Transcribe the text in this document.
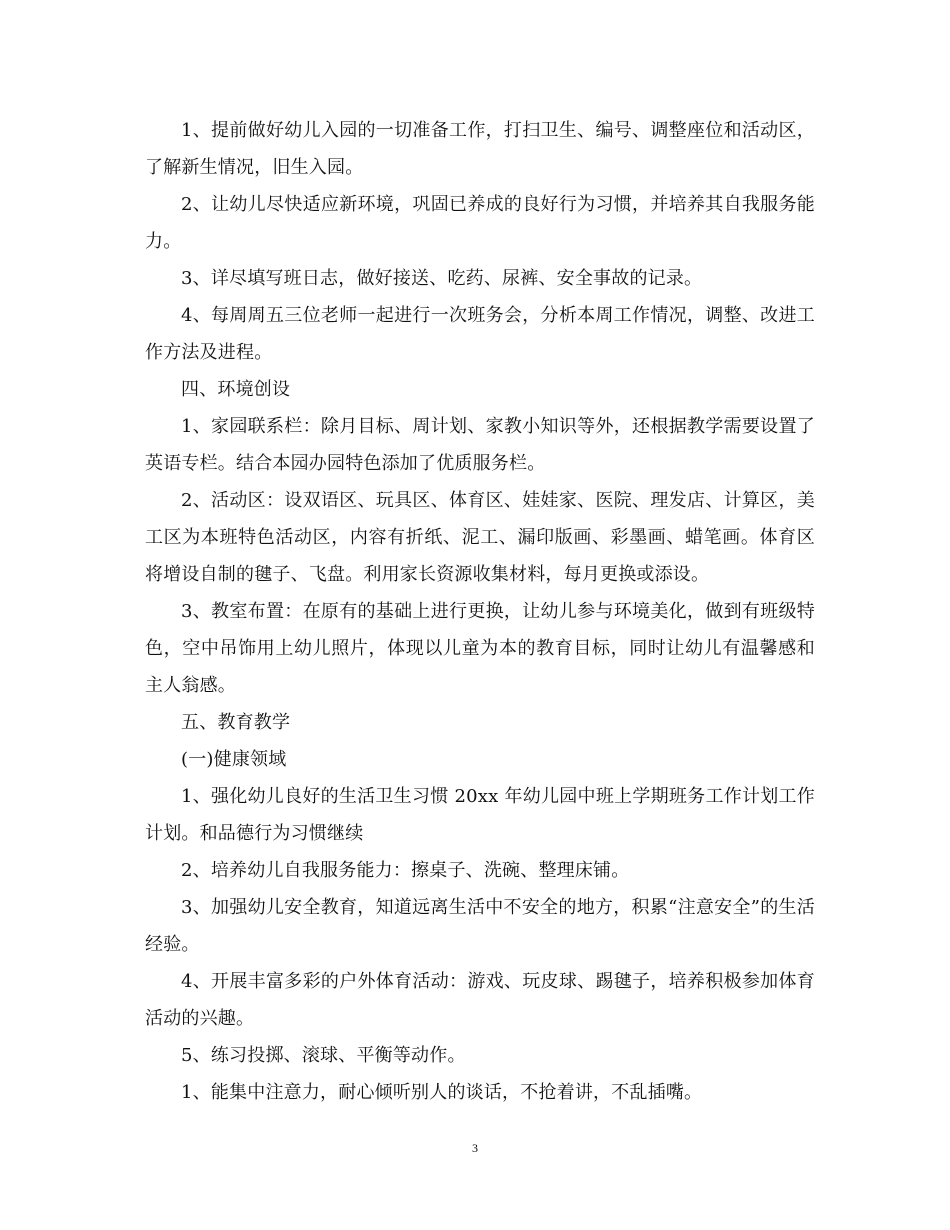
1、提前做好幼儿入园的一切准备工作，打扫卫生、编号、调整座位和活动区，了解新生情况，旧生入园。

2、让幼儿尽快适应新环境，巩固已养成的良好行为习惯，并培养其自我服务能力。

3、详尽填写班日志，做好接送、吃药、尿裤、安全事故的记录。

4、每周周五三位老师一起进行一次班务会，分析本周工作情况，调整、改进工作方法及进程。

四、环境创设

1、家园联系栏：除月目标、周计划、家教小知识等外，还根据教学需要设置了英语专栏。结合本园办园特色添加了优质服务栏。

2、活动区：设双语区、玩具区、体育区、娃娃家、医院、理发店、计算区，美工区为本班特色活动区，内容有折纸、泥工、漏印版画、彩墨画、蜡笔画。体育区将增设自制的毽子、飞盘。利用家长资源收集材料，每月更换或添设。

3、教室布置：在原有的基础上进行更换，让幼儿参与环境美化，做到有班级特色，空中吊饰用上幼儿照片，体现以儿童为本的教育目标，同时让幼儿有温馨感和主人翁感。

五、教育教学

(一)健康领域

1、强化幼儿良好的生活卫生习惯 20xx 年幼儿园中班上学期班务工作计划工作计划。和品德行为习惯继续

2、培养幼儿自我服务能力：擦桌子、洗碗、整理床铺。

3、加强幼儿安全教育，知道远离生活中不安全的地方，积累“注意安全”的生活经验。

4、开展丰富多彩的户外体育活动：游戏、玩皮球、踢毽子，培养积极参加体育活动的兴趣。

5、练习投掷、滚球、平衡等动作。

1、能集中注意力，耐心倾听别人的谈话，不抢着讲，不乱插嘴。

3
